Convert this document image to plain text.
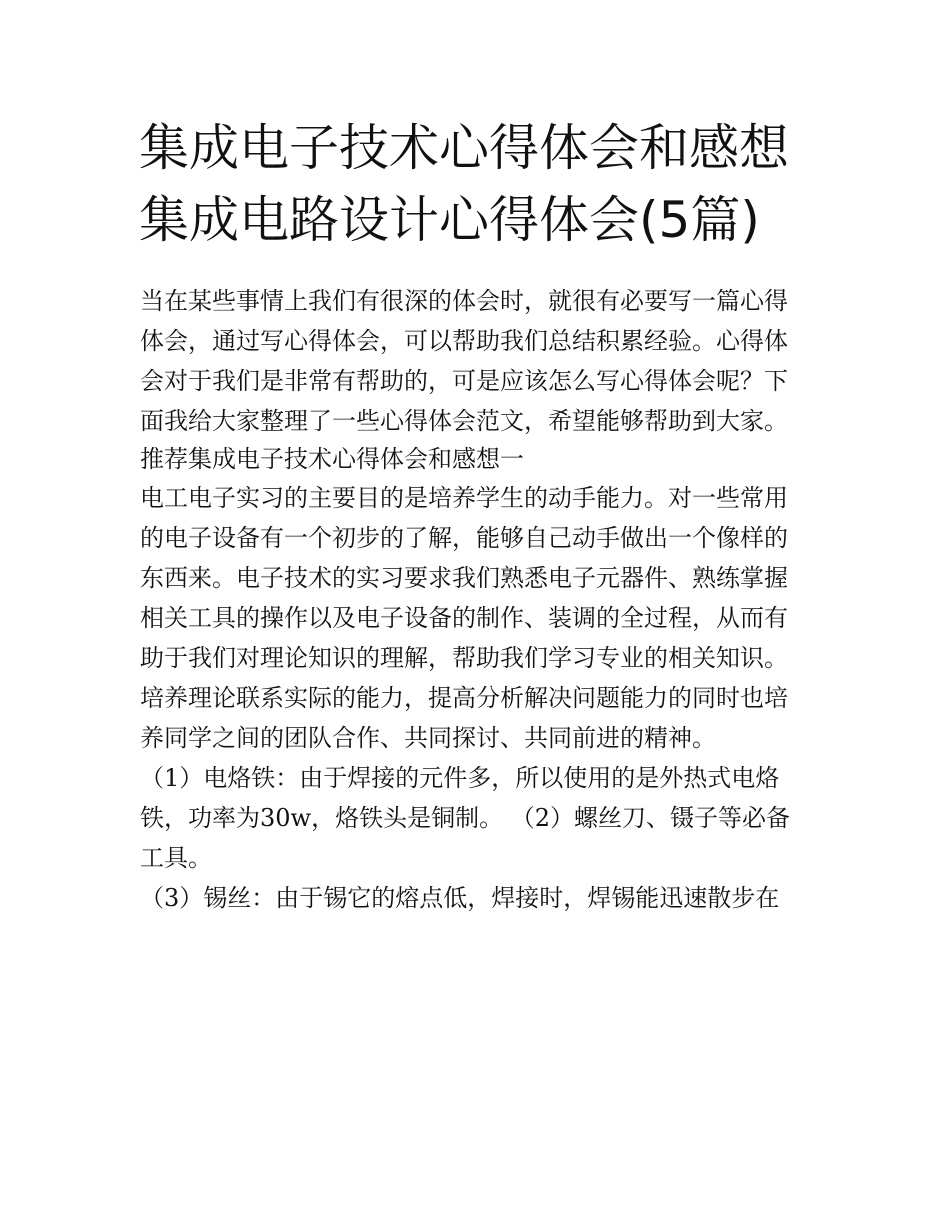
集成电子技术心得体会和感想
集成电路设计心得体会(5篇)
当在某些事情上我们有很深的体会时，就很有必要写一篇心得
体会，通过写心得体会，可以帮助我们总结积累经验。心得体
会对于我们是非常有帮助的，可是应该怎么写心得体会呢？下
面我给大家整理了一些心得体会范文，希望能够帮助到大家。
推荐集成电子技术心得体会和感想一
电工电子实习的主要目的是培养学生的动手能力。对一些常用
的电子设备有一个初步的了解，能够自己动手做出一个像样的
东西来。电子技术的实习要求我们熟悉电子元器件、熟练掌握
相关工具的操作以及电子设备的制作、装调的全过程，从而有
助于我们对理论知识的理解，帮助我们学习专业的相关知识。
培养理论联系实际的能力，提高分析解决问题能力的同时也培
养同学之间的团队合作、共同探讨、共同前进的精神。
（1）电烙铁：由于焊接的元件多，所以使用的是外热式电烙
铁，功率为30w，烙铁头是铜制。 （2）螺丝刀、镊子等必备
工具。
（3）锡丝：由于锡它的熔点低，焊接时，焊锡能迅速散步在
